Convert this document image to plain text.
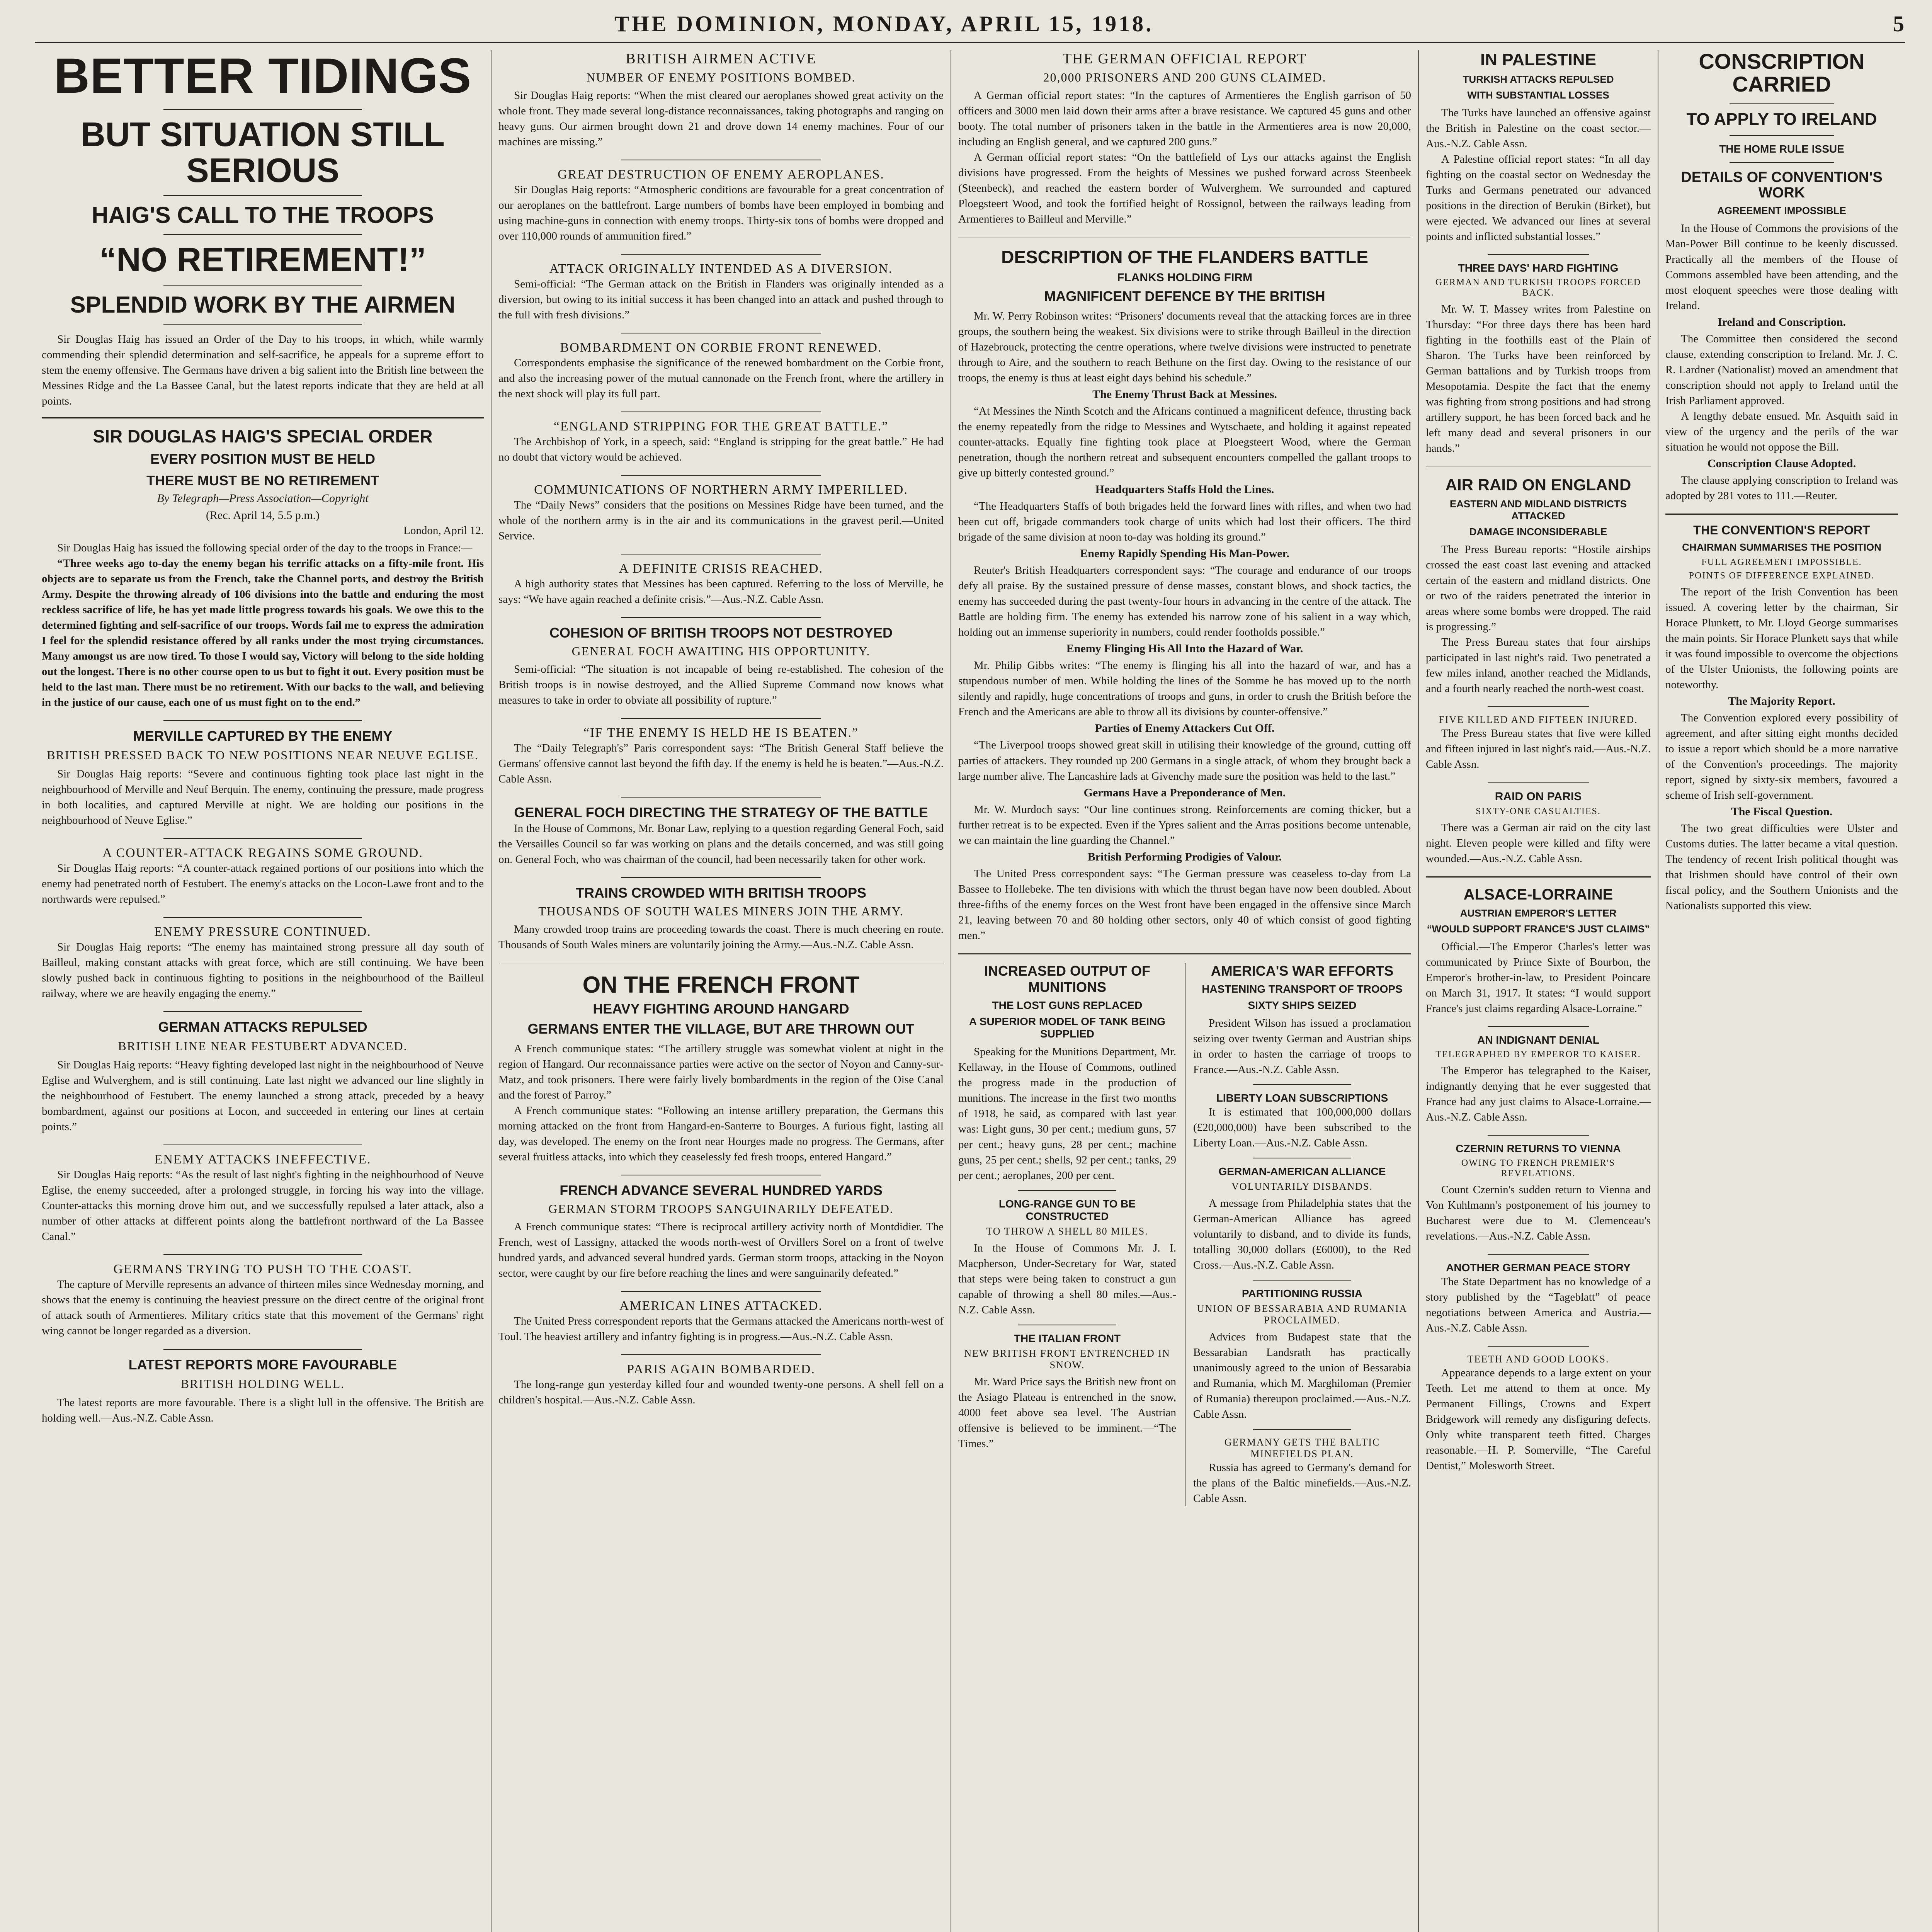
THE DOMINION, MONDAY, APRIL 15, 1918.	5
BETTER TIDINGS
BUT SITUATION STILL SERIOUS
HAIG'S CALL TO THE TROOPS
“NO RETIREMENT!”
SPLENDID WORK BY THE AIRMEN

Sir Douglas Haig has issued an Order of the Day to his troops, in which, while warmly commending their splendid determination and self-sacrifice, he appeals for a supreme effort to stem the enemy offensive. The Germans have driven a big salient into the British line between the Messines Ridge and the La Bassee Canal, but the latest reports indicate that they are held at all points.

SIR DOUGLAS HAIG'S SPECIAL ORDER
EVERY POSITION MUST BE HELD
THERE MUST BE NO RETIREMENT
By Telegraph—Press Association—Copyright
(Rec. April 14, 5.5 p.m.)
London, April 12.

Sir Douglas Haig has issued the following special order of the day to the troops in France:—

“Three weeks ago to-day the enemy began his terrific attacks on a fifty-mile front. His objects are to separate us from the French, take the Channel ports, and destroy the British Army. Despite the throwing already of 106 divisions into the battle and enduring the most reckless sacrifice of life, he has yet made little progress towards his goals. We owe this to the determined fighting and self-sacrifice of our troops. Words fail me to express the admiration I feel for the splendid resistance offered by all ranks under the most trying circumstances. Many amongst us are now tired. To those I would say, Victory will belong to the side holding out the longest. There is no other course open to us but to fight it out. Every position must be held to the last man. There must be no retirement. With our backs to the wall, and believing in the justice of our cause, each one of us must fight on to the end.”

MERVILLE CAPTURED BY THE ENEMY
BRITISH PRESSED BACK TO NEW POSITIONS NEAR NEUVE EGLISE.

Sir Douglas Haig reports: “Severe and continuous fighting took place last night in the neighbourhood of Merville and Neuf Berquin. The enemy, continuing the pressure, made progress in both localities, and captured Merville at night. We are holding our positions in the neighbourhood of Neuve Eglise.”

A COUNTER-ATTACK REGAINS SOME GROUND.

Sir Douglas Haig reports: “A counter-attack regained portions of our positions into which the enemy had penetrated north of Festubert. The enemy's attacks on the Locon-Lawe front and to the northwards were repulsed.”

ENEMY PRESSURE CONTINUED.

Sir Douglas Haig reports: “The enemy has maintained strong pressure all day south of Bailleul, making constant attacks with great force, which are still continuing. We have been slowly pushed back in continuous fighting to positions in the neighbourhood of the Bailleul railway, where we are heavily engaging the enemy.”

GERMAN ATTACKS REPULSED
BRITISH LINE NEAR FESTUBERT ADVANCED.

Sir Douglas Haig reports: “Heavy fighting developed last night in the neighbourhood of Neuve Eglise and Wulverghem, and is still continuing. Late last night we advanced our line slightly in the neighbourhood of Festubert. The enemy launched a strong attack, preceded by a heavy bombardment, against our positions at Locon, and succeeded in entering our lines at certain points.”

ENEMY ATTACKS INEFFECTIVE.

Sir Douglas Haig reports: “As the result of last night's fighting in the neighbourhood of Neuve Eglise, the enemy succeeded, after a prolonged struggle, in forcing his way into the village. Counter-attacks this morning drove him out, and we successfully repulsed a later attack, also a number of other attacks at different points along the battlefront northward of the La Bassee Canal.”

GERMANS TRYING TO PUSH TO THE COAST.

The capture of Merville represents an advance of thirteen miles since Wednesday morning, and shows that the enemy is continuing the heaviest pressure on the direct centre of the original front of attack south of Armentieres. Military critics state that this movement of the Germans' right wing cannot be longer regarded as a diversion.

LATEST REPORTS MORE FAVOURABLE
BRITISH HOLDING WELL.

The latest reports are more favourable. There is a slight lull in the offensive. The British are holding well.—Aus.-N.Z. Cable Assn.

BRITISH AIRMEN ACTIVE
NUMBER OF ENEMY POSITIONS BOMBED.

Sir Douglas Haig reports: “When the mist cleared our aeroplanes showed great activity on the whole front. They made several long-distance reconnaissances, taking photographs and ranging on heavy guns. Our airmen brought down 21 and drove down 14 enemy machines. Four of our machines are missing.”

GREAT DESTRUCTION OF ENEMY AEROPLANES.

Sir Douglas Haig reports: “Atmospheric conditions are favourable for a great concentration of our aeroplanes on the battlefront. Large numbers of bombs have been employed in bombing and using machine-guns in connection with enemy troops. Thirty-six tons of bombs were dropped and over 110,000 rounds of ammunition fired.”

ATTACK ORIGINALLY INTENDED AS A DIVERSION.

Semi-official: “The German attack on the British in Flanders was originally intended as a diversion, but owing to its initial success it has been changed into an attack and pushed through to the full with fresh divisions.”

BOMBARDMENT ON CORBIE FRONT RENEWED.

Correspondents emphasise the significance of the renewed bombardment on the Corbie front, and also the increasing power of the mutual cannonade on the French front, where the artillery in the next shock will play its full part.

“ENGLAND STRIPPING FOR THE GREAT BATTLE.”

The Archbishop of York, in a speech, said: “England is stripping for the great battle.” He had no doubt that victory would be achieved.

COMMUNICATIONS OF NORTHERN ARMY IMPERILLED.

The “Daily News” considers that the positions on Messines Ridge have been turned, and the whole of the northern army is in the air and its communications in the gravest peril.—United Service.

A DEFINITE CRISIS REACHED.

A high authority states that Messines has been captured. Referring to the loss of Merville, he says: “We have again reached a definite crisis.”—Aus.-N.Z. Cable Assn.

COHESION OF BRITISH TROOPS NOT DESTROYED
GENERAL FOCH AWAITING HIS OPPORTUNITY.

Semi-official: “The situation is not incapable of being re-established. The cohesion of the British troops is in nowise destroyed, and the Allied Supreme Command now knows what measures to take in order to obviate all possibility of rupture.”

“IF THE ENEMY IS HELD HE IS BEATEN.”

The “Daily Telegraph's” Paris correspondent says: “The British General Staff believe the Germans' offensive cannot last beyond the fifth day. If the enemy is held he is beaten.”—Aus.-N.Z. Cable Assn.

GENERAL FOCH DIRECTING THE STRATEGY OF THE BATTLE

In the House of Commons, Mr. Bonar Law, replying to a question regarding General Foch, said the Versailles Council so far was working on plans and the details concerned, and was still going on. General Foch, who was chairman of the council, had been necessarily taken for other work.

TRAINS CROWDED WITH BRITISH TROOPS
THOUSANDS OF SOUTH WALES MINERS JOIN THE ARMY.

Many crowded troop trains are proceeding towards the coast. There is much cheering en route. Thousands of South Wales miners are voluntarily joining the Army.—Aus.-N.Z. Cable Assn.

ON THE FRENCH FRONT
HEAVY FIGHTING AROUND HANGARD
GERMANS ENTER THE VILLAGE, BUT ARE THROWN OUT

A French communique states: “The artillery struggle was somewhat violent at night in the region of Hangard. Our reconnaissance parties were active on the sector of Noyon and Canny-sur-Matz, and took prisoners. There were fairly lively bombardments in the region of the Oise Canal and the forest of Parroy.”

A French communique states: “Following an intense artillery preparation, the Germans this morning attacked on the front from Hangard-en-Santerre to Bourges. A furious fight, lasting all day, was developed. The enemy on the front near Hourges made no progress. The Germans, after several fruitless attacks, into which they ceaselessly fed fresh troops, entered Hangard.”

FRENCH ADVANCE SEVERAL HUNDRED YARDS
GERMAN STORM TROOPS SANGUINARILY DEFEATED.

A French communique states: “There is reciprocal artillery activity north of Montdidier. The French, west of Lassigny, attacked the woods north-west of Orvillers Sorel on a front of twelve hundred yards, and advanced several hundred yards. German storm troops, attacking in the Noyon sector, were caught by our fire before reaching the lines and were sanguinarily defeated.”

AMERICAN LINES ATTACKED.

The United Press correspondent reports that the Germans attacked the Americans north-west of Toul. The heaviest artillery and infantry fighting is in progress.—Aus.-N.Z. Cable Assn.

PARIS AGAIN BOMBARDED.

The long-range gun yesterday killed four and wounded twenty-one persons. A shell fell on a children's hospital.—Aus.-N.Z. Cable Assn.

THE GERMAN OFFICIAL REPORT
20,000 PRISONERS AND 200 GUNS CLAIMED.

A German official report states: “In the captures of Armentieres the English garrison of 50 officers and 3000 men laid down their arms after a brave resistance. We captured 45 guns and other booty. The total number of prisoners taken in the battle in the Armentieres area is now 20,000, including an English general, and we captured 200 guns.”

A German official report states: “On the battlefield of Lys our attacks against the English divisions have progressed. From the heights of Messines we pushed forward across Steenbeek (Steenbeck), and reached the eastern border of Wulverghem. We surrounded and captured Ploegsteert Wood, and took the fortified height of Rossignol, between the railways leading from Armentieres to Bailleul and Merville.”

DESCRIPTION OF THE FLANDERS BATTLE
FLANKS HOLDING FIRM
MAGNIFICENT DEFENCE BY THE BRITISH

Mr. W. Perry Robinson writes: “Prisoners' documents reveal that the attacking forces are in three groups, the southern being the weakest. Six divisions were to strike through Bailleul in the direction of Hazebrouck, protecting the centre operations, where twelve divisions were instructed to penetrate through to Aire, and the southern to reach Bethune on the first day. Owing to the resistance of our troops, the enemy is thus at least eight days behind his schedule.”

The Enemy Thrust Back at Messines.

“At Messines the Ninth Scotch and the Africans continued a magnificent defence, thrusting back the enemy repeatedly from the ridge to Messines and Wytschaete, and holding it against repeated counter-attacks. Equally fine fighting took place at Ploegsteert Wood, where the German penetration, though the northern retreat and subsequent encounters compelled the gallant troops to give up bitterly contested ground.”

Headquarters Staffs Hold the Lines.

“The Headquarters Staffs of both brigades held the forward lines with rifles, and when two had been cut off, brigade commanders took charge of units which had lost their officers. The third brigade of the same division at noon to-day was holding its ground.”

Enemy Rapidly Spending His Man-Power.

Reuter's British Headquarters correspondent says: “The courage and endurance of our troops defy all praise. By the sustained pressure of dense masses, constant blows, and shock tactics, the enemy has succeeded during the past twenty-four hours in advancing in the centre of the attack. The Battle are holding firm. The enemy has extended his narrow zone of his salient in a way which, holding out an immense superiority in numbers, could render footholds possible.”

Enemy Flinging His All Into the Hazard of War.

Mr. Philip Gibbs writes: “The enemy is flinging his all into the hazard of war, and has a stupendous number of men. While holding the lines of the Somme he has moved up to the north silently and rapidly, huge concentrations of troops and guns, in order to crush the British before the French and the Americans are able to throw all its divisions by counter-offensive.”

Parties of Enemy Attackers Cut Off.

“The Liverpool troops showed great skill in utilising their knowledge of the ground, cutting off parties of attackers. They rounded up 200 Germans in a single attack, of whom they brought back a large number alive. The Lancashire lads at Givenchy made sure the position was held to the last.”

Germans Have a Preponderance of Men.

Mr. W. Murdoch says: “Our line continues strong. Reinforcements are coming thicker, but a further retreat is to be expected. Even if the Ypres salient and the Arras positions become untenable, we can maintain the line guarding the Channel.”

British Performing Prodigies of Valour.

The United Press correspondent says: “The German pressure was ceaseless to-day from La Bassee to Hollebeke. The ten divisions with which the thrust began have now been doubled. About three-fifths of the enemy forces on the West front have been engaged in the offensive since March 21, leaving between 70 and 80 holding other sectors, only 40 of which consist of good fighting men.”

INCREASED OUTPUT OF MUNITIONS
THE LOST GUNS REPLACED
A SUPERIOR MODEL OF TANK BEING SUPPLIED

Speaking for the Munitions Department, Mr. Kellaway, in the House of Commons, outlined the progress made in the production of munitions. The increase in the first two months of 1918, he said, as compared with last year was: Light guns, 30 per cent.; medium guns, 57 per cent.; heavy guns, 28 per cent.; machine guns, 25 per cent.; shells, 92 per cent.; tanks, 29 per cent.; aeroplanes, 200 per cent.

LONG-RANGE GUN TO BE CONSTRUCTED
TO THROW A SHELL 80 MILES.

In the House of Commons Mr. J. I. Macpherson, Under-Secretary for War, stated that steps were being taken to construct a gun capable of throwing a shell 80 miles.—Aus.-N.Z. Cable Assn.

THE ITALIAN FRONT
NEW BRITISH FRONT ENTRENCHED IN SNOW.

Mr. Ward Price says the British new front on the Asiago Plateau is entrenched in the snow, 4000 feet above sea level. The Austrian offensive is believed to be imminent.—“The Times.”

AMERICA'S WAR EFFORTS
HASTENING TRANSPORT OF TROOPS
SIXTY SHIPS SEIZED

President Wilson has issued a proclamation seizing over twenty German and Austrian ships in order to hasten the carriage of troops to France.—Aus.-N.Z. Cable Assn.

LIBERTY LOAN SUBSCRIPTIONS

It is estimated that 100,000,000 dollars (£20,000,000) have been subscribed to the Liberty Loan.—Aus.-N.Z. Cable Assn.

GERMAN-AMERICAN ALLIANCE
VOLUNTARILY DISBANDS.

A message from Philadelphia states that the German-American Alliance has agreed voluntarily to disband, and to divide its funds, totalling 30,000 dollars (£6000), to the Red Cross.—Aus.-N.Z. Cable Assn.

PARTITIONING RUSSIA
UNION OF BESSARABIA AND RUMANIA PROCLAIMED.

Advices from Budapest state that the Bessarabian Landsrath has practically unanimously agreed to the union of Bessarabia and Rumania, which M. Marghiloman (Premier of Rumania) thereupon proclaimed.—Aus.-N.Z. Cable Assn.

GERMANY GETS THE BALTIC MINEFIELDS PLAN.

Russia has agreed to Germany's demand for the plans of the Baltic minefields.—Aus.-N.Z. Cable Assn.

IN PALESTINE
TURKISH ATTACKS REPULSED
WITH SUBSTANTIAL LOSSES

The Turks have launched an offensive against the British in Palestine on the coast sector.—Aus.-N.Z. Cable Assn.

A Palestine official report states: “In all day fighting on the coastal sector on Wednesday the Turks and Germans penetrated our advanced positions in the direction of Berukin (Birket), but were ejected. We advanced our lines at several points and inflicted substantial losses.”

THREE DAYS' HARD FIGHTING
GERMAN AND TURKISH TROOPS FORCED BACK.

Mr. W. T. Massey writes from Palestine on Thursday: “For three days there has been hard fighting in the foothills east of the Plain of Sharon. The Turks have been reinforced by German battalions and by Turkish troops from Mesopotamia. Despite the fact that the enemy was fighting from strong positions and had strong artillery support, he has been forced back and he left many dead and several prisoners in our hands.”

AIR RAID ON ENGLAND
EASTERN AND MIDLAND DISTRICTS ATTACKED
DAMAGE INCONSIDERABLE

The Press Bureau reports: “Hostile airships crossed the east coast last evening and attacked certain of the eastern and midland districts. One or two of the raiders penetrated the interior in areas where some bombs were dropped. The raid is progressing.”

The Press Bureau states that four airships participated in last night's raid. Two penetrated a few miles inland, another reached the Midlands, and a fourth nearly reached the north-west coast.

FIVE KILLED AND FIFTEEN INJURED.

The Press Bureau states that five were killed and fifteen injured in last night's raid.—Aus.-N.Z. Cable Assn.

RAID ON PARIS
SIXTY-ONE CASUALTIES.

There was a German air raid on the city last night. Eleven people were killed and fifty were wounded.—Aus.-N.Z. Cable Assn.

ALSACE-LORRAINE
AUSTRIAN EMPEROR'S LETTER
“WOULD SUPPORT FRANCE'S JUST CLAIMS”

Official.—The Emperor Charles's letter was communicated by Prince Sixte of Bourbon, the Emperor's brother-in-law, to President Poincare on March 31, 1917. It states: “I would support France's just claims regarding Alsace-Lorraine.”

AN INDIGNANT DENIAL
TELEGRAPHED BY EMPEROR TO KAISER.

The Emperor has telegraphed to the Kaiser, indignantly denying that he ever suggested that France had any just claims to Alsace-Lorraine.—Aus.-N.Z. Cable Assn.

CZERNIN RETURNS TO VIENNA
OWING TO FRENCH PREMIER'S REVELATIONS.

Count Czernin's sudden return to Vienna and Von Kuhlmann's postponement of his journey to Bucharest were due to M. Clemenceau's revelations.—Aus.-N.Z. Cable Assn.

ANOTHER GERMAN PEACE STORY

The State Department has no knowledge of a story published by the “Tageblatt” of peace negotiations between America and Austria.—Aus.-N.Z. Cable Assn.

TEETH AND GOOD LOOKS.

Appearance depends to a large extent on your Teeth. Let me attend to them at once. My Permanent Fillings, Crowns and Expert Bridgework will remedy any disfiguring defects. Only white transparent teeth fitted. Charges reasonable.—H. P. Somerville, “The Careful Dentist,” Molesworth Street.

CONSCRIPTION CARRIED
TO APPLY TO IRELAND
THE HOME RULE ISSUE
DETAILS OF CONVENTION'S WORK
AGREEMENT IMPOSSIBLE

In the House of Commons the provisions of the Man-Power Bill continue to be keenly discussed. Practically all the members of the House of Commons assembled have been attending, and the most eloquent speeches were those dealing with Ireland.

Ireland and Conscription.

The Committee then considered the second clause, extending conscription to Ireland. Mr. J. C. R. Lardner (Nationalist) moved an amendment that conscription should not apply to Ireland until the Irish Parliament approved.

A lengthy debate ensued. Mr. Asquith said in view of the urgency and the perils of the war situation he would not oppose the Bill.

Conscription Clause Adopted.

The clause applying conscription to Ireland was adopted by 281 votes to 111.—Reuter.

THE CONVENTION'S REPORT
CHAIRMAN SUMMARISES THE POSITION
FULL AGREEMENT IMPOSSIBLE.
POINTS OF DIFFERENCE EXPLAINED.

The report of the Irish Convention has been issued. A covering letter by the chairman, Sir Horace Plunkett, to Mr. Lloyd George summarises the main points. Sir Horace Plunkett says that while it was found impossible to overcome the objections of the Ulster Unionists, the following points are noteworthy.

The Majority Report.

The Convention explored every possibility of agreement, and after sitting eight months decided to issue a report which should be a more narrative of the Convention's proceedings. The majority report, signed by sixty-six members, favoured a scheme of Irish self-government.

The Fiscal Question.

The two great difficulties were Ulster and Customs duties. The latter became a vital question. The tendency of recent Irish political thought was that Irishmen should have control of their own fiscal policy, and the Southern Unionists and the Nationalists supported this view.
